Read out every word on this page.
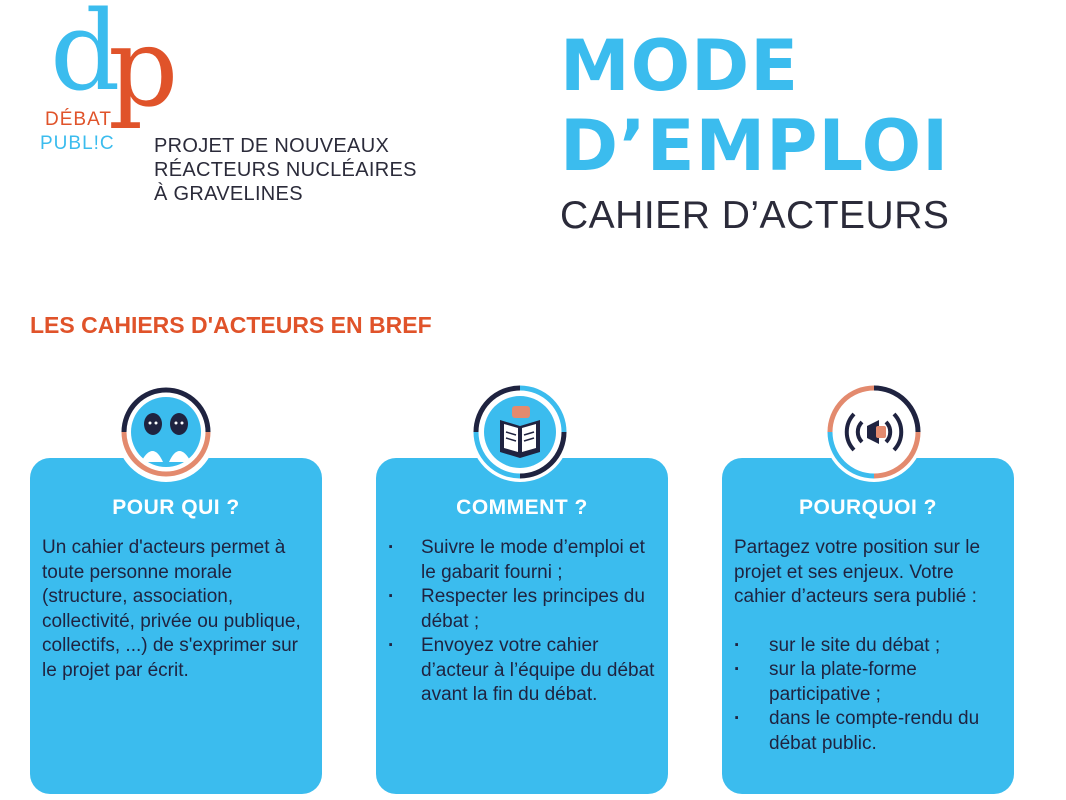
d
p
DÉBAT
PUBL!C PROJET DE NOUVEAUX
RÉACTEURS NUCLÉAIRES
À GRAVELINES
MODE
D’EMPLOI
CAHIER D’ACTEURS
LES CAHIERS D'ACTEURS EN BREF
POUR QUI ?

Un cahier d'acteurs permet à toute personne morale (structure, association, collectivité, privée ou publique, collectifs, ...) de s'exprimer sur le projet par écrit.

COMMENT ?
· Suivre le mode d’emploi et le gabarit fourni ;
· Respecter les principes du débat ;
· Envoyez votre cahier d’acteur à l’équipe du débat avant la fin du débat.
POURQUOI ?

Partagez votre position sur le projet et ses enjeux. Votre cahier d’acteurs sera publié :

· sur le site du débat ;
· sur la plate-forme participative ;
· dans le compte-rendu du débat public.
